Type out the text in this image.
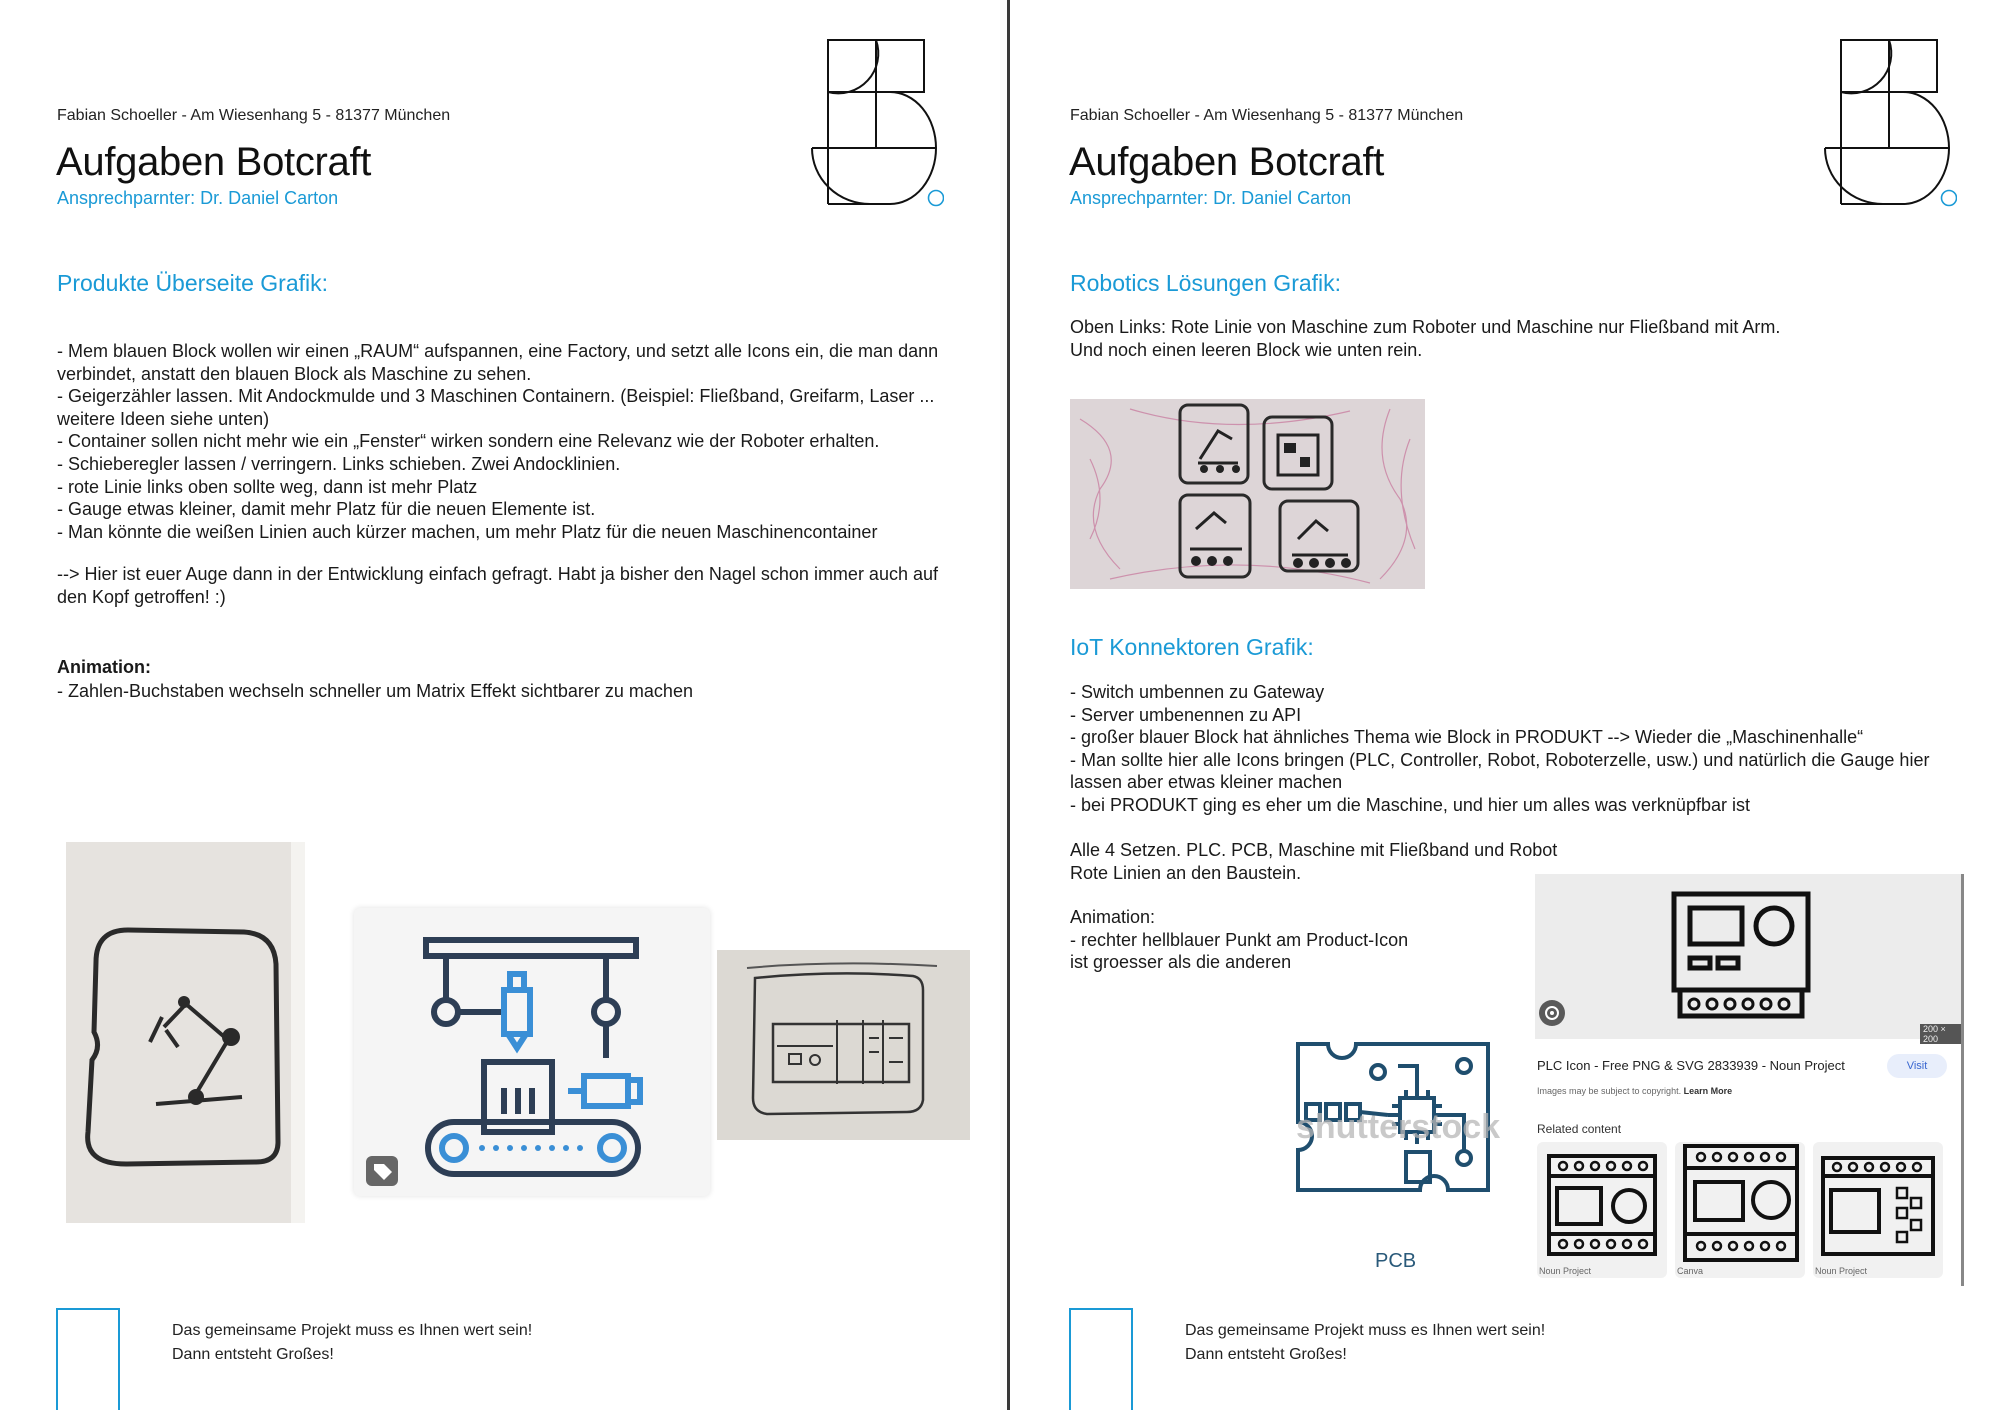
Fabian Schoeller - Am Wiesenhang 5 - 81377 München
Aufgaben Botcraft
Ansprechparnter: Dr. Daniel Carton
Produkte Überseite Grafik:
- Mem blauen Block wollen wir einen „RAUM“ aufspannen, eine Factory, und setzt alle Icons ein, die man dann
verbindet, anstatt den blauen Block als Maschine zu sehen.
- Geigerzähler lassen. Mit Andockmulde und 3 Maschinen Containern. (Beispiel: Fließband, Greifarm, Laser ...
weitere Ideen siehe unten)
- Container sollen nicht mehr wie ein „Fenster“ wirken sondern eine Relevanz wie der Roboter erhalten.
- Schieberegler lassen / verringern. Links schieben. Zwei Andocklinien.
- rote Linie links oben sollte weg, dann ist mehr Platz
- Gauge etwas kleiner, damit mehr Platz für die neuen Elemente ist.
- Man könnte die weißen Linien auch kürzer machen, um mehr Platz für die neuen Maschinencontainer
--> Hier ist euer Auge dann in der Entwicklung einfach gefragt. Habt ja bisher den Nagel schon immer auch auf
den Kopf getroffen! :)
Animation:
- Zahlen-Buchstaben wechseln schneller um Matrix Effekt sichtbarer zu machen
Das gemeinsame Projekt muss es Ihnen wert sein!
Dann entsteht Großes!
Fabian Schoeller - Am Wiesenhang 5 - 81377 München
Aufgaben Botcraft
Ansprechparnter: Dr. Daniel Carton
Robotics Lösungen Grafik:
Oben Links: Rote Linie von Maschine zum Roboter und Maschine nur Fließband mit Arm.
Und noch einen leeren Block wie unten rein.
IoT Konnektoren Grafik:
- Switch umbennen zu Gateway
- Server umbenennen zu API
- großer blauer Block hat ähnliches Thema wie Block in PRODUKT --> Wieder die „Maschinenhalle“
- Man sollte hier alle Icons bringen (PLC, Controller, Robot, Roboterzelle, usw.) und natürlich die Gauge hier
lassen aber etwas kleiner machen
- bei PRODUKT ging es eher um die Maschine, und hier um alles was verknüpfbar ist
Alle 4 Setzen. PLC. PCB, Maschine mit Fließband und Robot
Rote Linien an den Baustein.
Animation:
- rechter hellblauer Punkt am Product-Icon
ist groesser als die anderen
shutterstock
PCB
200 × 200
PLC Icon - Free PNG & SVG 2833939 - Noun Project	Visit
Images may be subject to copyright. Learn More
Related content
Noun Project	Canva	Noun Project
Das gemeinsame Projekt muss es Ihnen wert sein!
Dann entsteht Großes!
